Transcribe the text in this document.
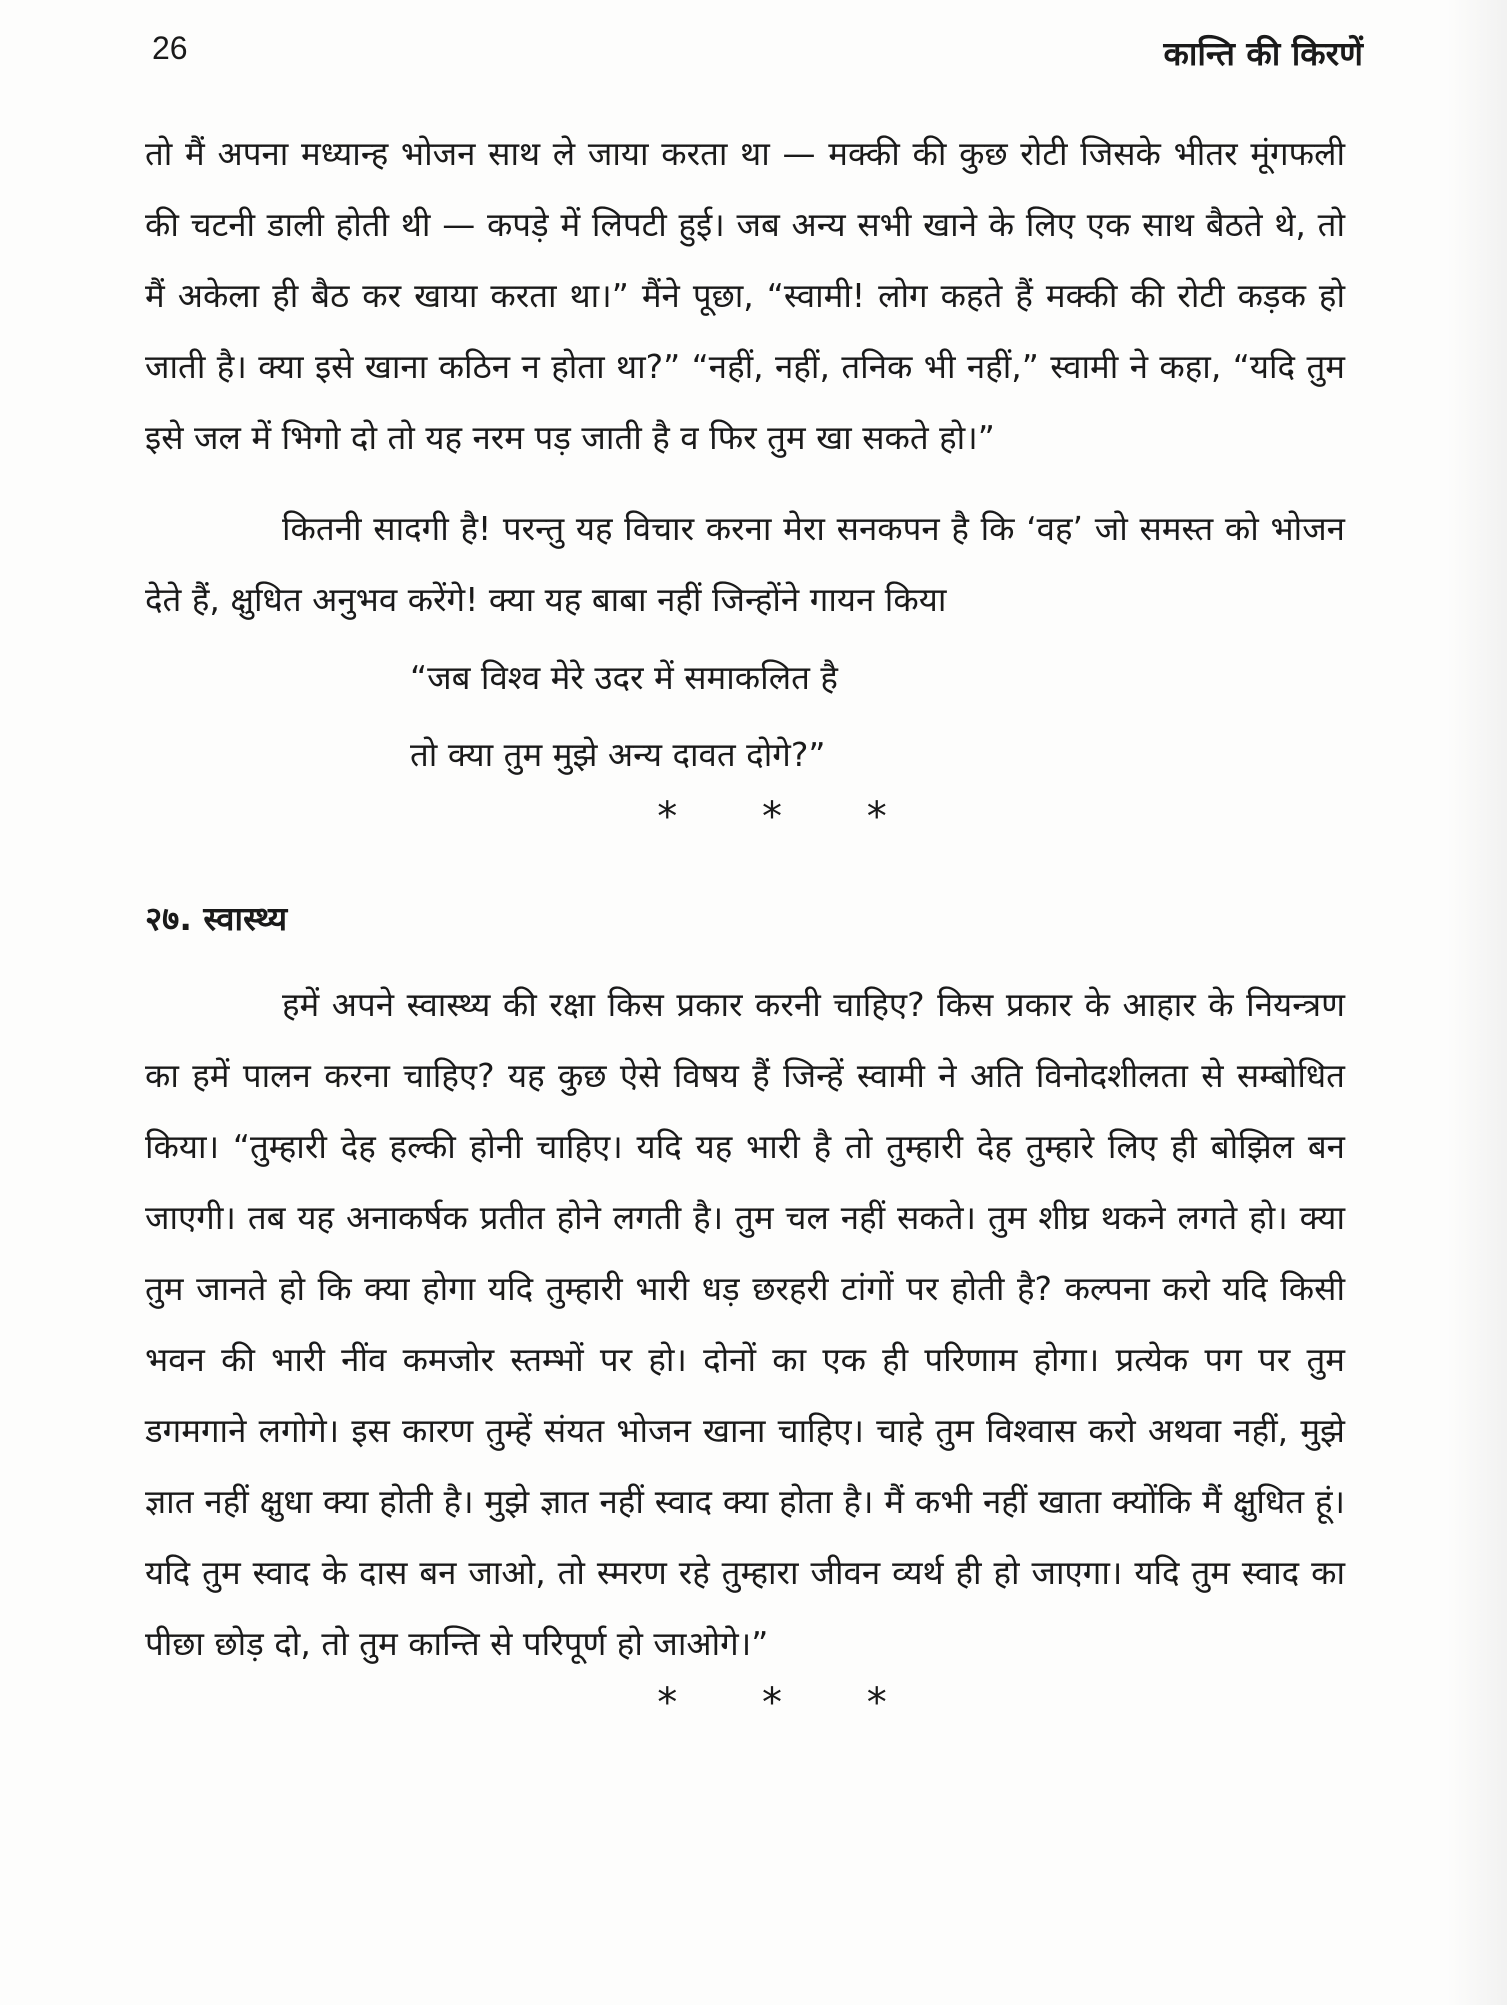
26	कान्ति की किरणें

तो मैं अपना मध्यान्ह भोजन साथ ले जाया करता था — मक्की की कुछ रोटी जिसके भीतर मूंगफली की चटनी डाली होती थी — कपड़े में लिपटी हुई। जब अन्य सभी खाने के लिए एक साथ बैठते थे, तो मैं अकेला ही बैठ कर खाया करता था।” मैंने पूछा, “स्वामी! लोग कहते हैं मक्की की रोटी कड़क हो जाती है। क्या इसे खाना कठिन न होता था?” “नहीं, नहीं, तनिक भी नहीं,” स्वामी ने कहा, “यदि तुम इसे जल में भिगो दो तो यह नरम पड़ जाती है व फिर तुम खा सकते हो।”

कितनी सादगी है! परन्तु यह विचार करना मेरा सनकपन है कि ‘वह’ जो समस्त को भोजन देते हैं, क्षुधित अनुभव करेंगे! क्या यह बाबा नहीं जिन्होंने गायन किया

“जब विश्व मेरे उदर में समाकलित है

तो क्या तुम मुझे अन्य दावत दोगे?”

* * *

२७. स्वास्थ्य

हमें अपने स्वास्थ्य की रक्षा किस प्रकार करनी चाहिए? किस प्रकार के आहार के नियन्त्रण का हमें पालन करना चाहिए? यह कुछ ऐसे विषय हैं जिन्हें स्वामी ने अति विनोदशीलता से सम्बोधित किया। “तुम्हारी देह हल्की होनी चाहिए। यदि यह भारी है तो तुम्हारी देह तुम्हारे लिए ही बोझिल बन जाएगी। तब यह अनाकर्षक प्रतीत होने लगती है। तुम चल नहीं सकते। तुम शीघ्र थकने लगते हो। क्या तुम जानते हो कि क्या होगा यदि तुम्हारी भारी धड़ छरहरी टांगों पर होती है? कल्पना करो यदि किसी भवन की भारी नींव कमजोर स्तम्भों पर हो। दोनों का एक ही परिणाम होगा। प्रत्येक पग पर तुम डगमगाने लगोगे। इस कारण तुम्हें संयत भोजन खाना चाहिए। चाहे तुम विश्वास करो अथवा नहीं, मुझे ज्ञात नहीं क्षुधा क्या होती है। मुझे ज्ञात नहीं स्वाद क्या होता है। मैं कभी नहीं खाता क्योंकि मैं क्षुधित हूं। यदि तुम स्वाद के दास बन जाओ, तो स्मरण रहे तुम्हारा जीवन व्यर्थ ही हो जाएगा। यदि तुम स्वाद का पीछा छोड़ दो, तो तुम कान्ति से परिपूर्ण हो जाओगे।”

* * *
